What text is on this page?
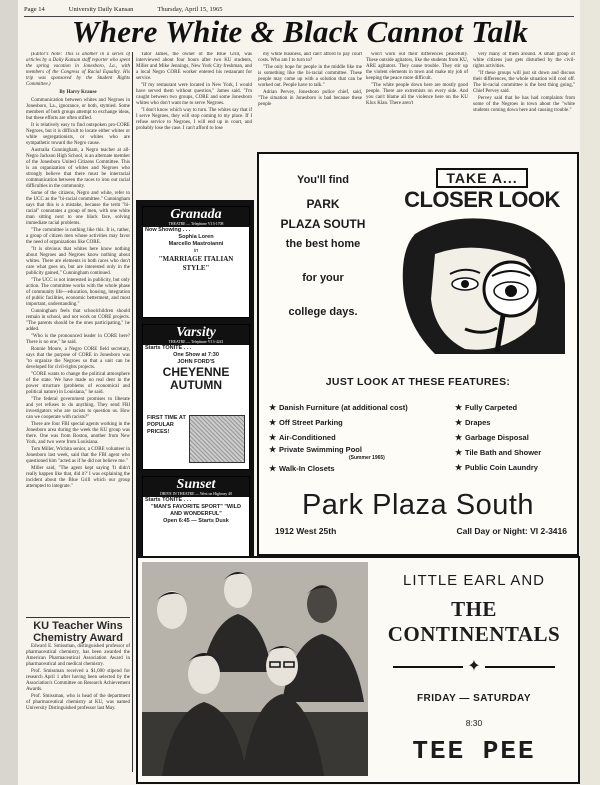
Page 14	University Daily Kansan	Thursday, April 15, 1965
Where White & Black Cannot Talk

(Editor's Note: This is another in a series of articles by a Daily Kansan staff reporter who spent the spring vacation in Jonesboro, La., with members of the Congress of Racial Equality. His trip was sponsored by the Student Rights Committee.)

By Harry Krause

Communication between whites and Negroes in Jonesboro, La., ignorance, or both, stymied. Some members of both groups attempt to exchange ideas, but these efforts are often stifled.

It is relatively easy to find outspoken pro-CORE Negroes, but it is difficult to locate either whites or white segregationists, or whites who are sympathetic toward the Negro cause.

Australia Cunningham, a Negro teacher at all-Negro Jackson High School, is an alternate member of the Jonesboro United Citizens Committee. This is an organization of whites and Negroes who strongly believe that there must be interracial communication between the races to iron out racial difficulties in the community.

Some of the citizens, Negro and white, refer to the UCC as the "bi-racial committee." Cunningham says that this is a mistake, because the term "bi-racial" connotates a group of men, with one white man sitting next to one black face, solving immediate racial problems.

"The committee is nothing like this. It is, rather, a group of citizen men whose activities may favor the need of organizations like CORE.

"It is obvious that whites here know nothing about Negroes and Negroes know nothing about whites. There are elements in both races who don't care what goes on, but are interested only in the publicity gained," Cunningham continued.

"The UCC is not interested in publicity, but only action. The committee works with the whole phase of community life—education, housing, integration of public facilities, economic betterment, and most important, understanding."

Cunningham feels that schoolchildren should remain in school, and not work on CORE projects. "The parents should be the ones participating," he added.

"Who is the pronounced leader in CORE here? There is no one," he said.

Ronnie Moore, a Negro CORE field secretary, says that the purpose of CORE in Jonesboro was "to organize the Negroes so that a unit can be developed for civil-rights projects.

"CORE wants to change the political atmosphere of the state. We have made no real dent in the power structure (problems of economical and political nature) in Louisiana," he said.

"The federal government promises to liberate and yet refuses to do anything. They send FBI investigators who are racists to question us. How can we cooperate with racists?"

There are four FBI special agents working in the Jonesboro area during the week the KU group was there. One was from Boston, another from New York, and two were from Louisiana.

Tom Miller, Wichita senior, a CORE volunteer in Jonesboro last week, said that the FBI agent who questioned him "acted as if he did not believe me."

Miller said, "The agent kept saying 'It didn't really happen like that, did it?' I was explaining the incident about the Blue Grill which our group attempted to integrate."

KU Teacher Wins Chemistry Award

Edward E. Smissman, distinguished professor of pharmaceutical chemistry, has been awarded the American Pharmaceutical Association Award in pharmaceutical and medical chemistry.

Prof. Smissman received a $1,000 stipend for research April 1 after having been selected by the Association's Committee on Research Achievement Awards.

Prof. Smissman, who is head of the department of pharmaceutical chemistry at KU, was named University Distinguished professor last May.

Tator James, the owner of the Blue Grill, was interviewed about four hours after two KU students, Miller and Mike Jennings, New York City freshman, and a local Negro CORE worker entered his restaurant for service.

"If my restaurant were located in New York, I would have served them without question," James said. "I'm caught between two groups, CORE and some Jonesboro whites who don't want me to serve Negroes.

"I don't know which way to turn. The whites say that if I serve Negroes, they will stop coming to my place. If I refuse service to Negroes, I will end up in court, and probably lose the case. I can't afford to lose

my white business, and can't afford to pay court costs. Who am I to turn to?

"The only hope for people in the middle like me is something like the bi-racial committee. These people may come up with a solution that can be worked out. People have to talk."

Adrian Pervey, Jonesboro police chief, said, "The situation in Jonesboro is bad because these people

won't work out their differences peacefully. These outside agitators, like the students from KU, ARE agitators. They cause trouble. They stir up the violent elements in town and make my job of keeping the peace more difficult.

"The white people down here are mostly good people. There are extremists on every side. And you can't blame all the violence here on the KU Klux Klan. There aren't

very many of them around. A small group of white citizens just gets disturbed by the civil-rights activities.

"If these groups will just sit down and discuss their differences, the whole situation will cool off. The bi-racial committee is the best thing going," Chief Pervey said.

Pervey said that he has had complaints from some of the Negroes in town about the "white students coming down here and causing trouble."

Granada
THEATRE — Telephone VI 3-1708
Now Showing . . .
Sophia Loren
Marcello Mastroianni
in
"MARRIAGE ITALIAN STYLE"
Varsity
THEATRE — Telephone VI 3-4241
Starts TONITE . . .
One Show at 7:30
JOHN FORD'S
CHEYENNE AUTUMN
FIRST TIME AT POPULAR PRICES!
Sunset
DRIVE IN THEATRE — West on Highway 40
Starts TONITE . . .
"MAN'S FAVORITE SPORT" "WILD AND WONDERFUL"
Open 6:45 — Starts Dusk
You'll find
PARK
PLAZA SOUTH
the best home
for your
college days.
TAKE A...
CLOSER LOOK
JUST LOOK AT THESE FEATURES:
★ Danish Furniture (at additional cost)
★ Off Street Parking
★ Air-Conditioned
★ Private Swimming Pool
(Summer 1965)
★ Walk-In Closets
★ Fully Carpeted
★ Drapes
★ Garbage Disposal
★ Tile Bath and Shower
★ Public Coin Laundry
Park Plaza South
1912 West 25th	Call Day or Night: VI 2-3416
LITTLE EARL AND
THE CONTINENTALS
✦
FRIDAY — SATURDAY
8:30
TEE PEE
